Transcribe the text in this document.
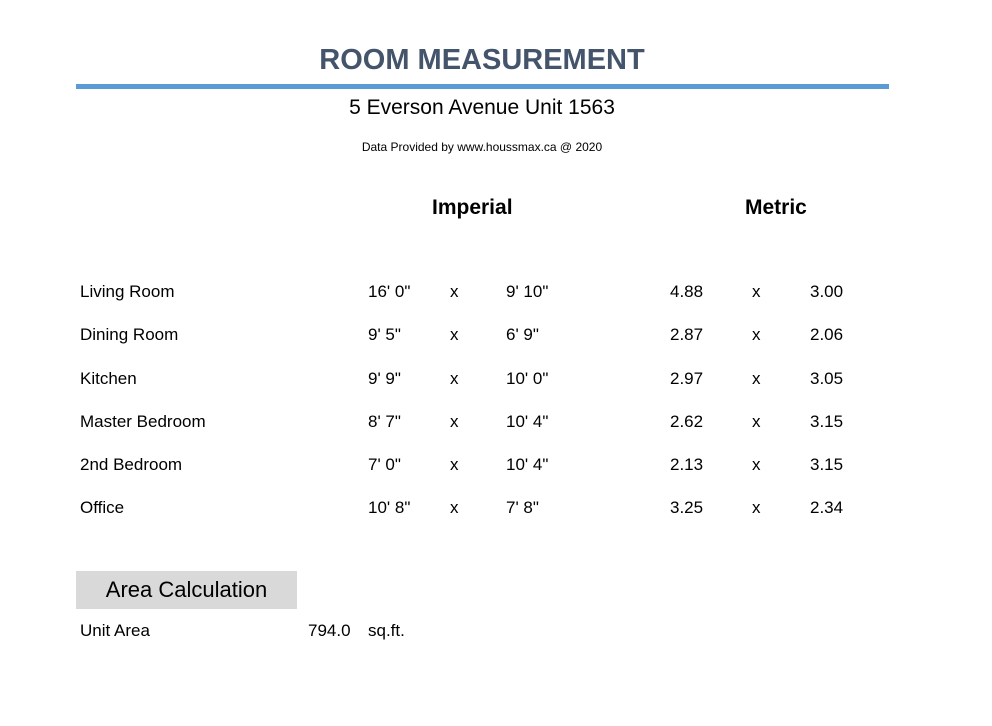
ROOM MEASUREMENT
5 Everson Avenue Unit 1563
Data Provided by www.houssmax.ca @ 2020
Imperial	Metric
Living Room	16' 0" x	9' 10"	4.88	x	3.00
Dining Room	9' 5"	x	6' 9"	2.87	x	2.06
Kitchen	9' 9"	x	10' 0"	2.97	x	3.05
Master Bedroom	8' 7"	x	10' 4"	2.62	x	3.15
2nd Bedroom	7' 0"	x	10' 4"	2.13	x	3.15
Office	10' 8" x	7' 8"	3.25	x	2.34
Area Calculation
Unit Area	794.0 sq.ft.
